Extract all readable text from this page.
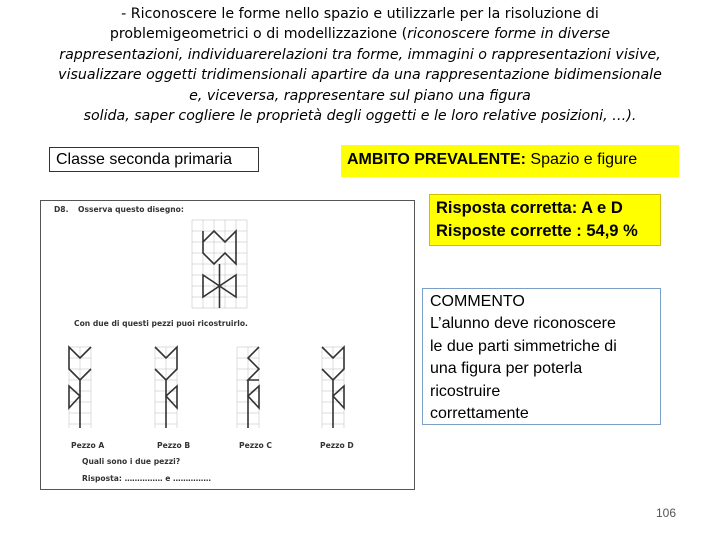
- Riconoscere le forme nello spazio e utilizzarle per la risoluzione di
problemigeometrici o di modellizzazione (riconoscere forme in diverse
rappresentazioni, individuarerelazioni tra forme, immagini o rappresentazioni visive,
visualizzare oggetti tridimensionali apartire da una rappresentazione bidimensionale
e, viceversa, rappresentare sul piano una figura
solida, saper cogliere le proprietà degli oggetti e le loro relative posizioni, …).
Classe seconda primaria	AMBITO PREVALENTE: Spazio e figure
Risposta corretta: A e D
Risposte corrette : 54,9 %
COMMENTO
L’alunno deve riconoscere
le due parti simmetriche di
una figura per poterla
ricostruire
correttamente
D8. Osserva questo disegno:
Con due di questi pezzi puoi ricostruirlo.
Pezzo A	Pezzo B	Pezzo C	Pezzo D
Quali sono i due pezzi?
Risposta: …………… e ……………
106
